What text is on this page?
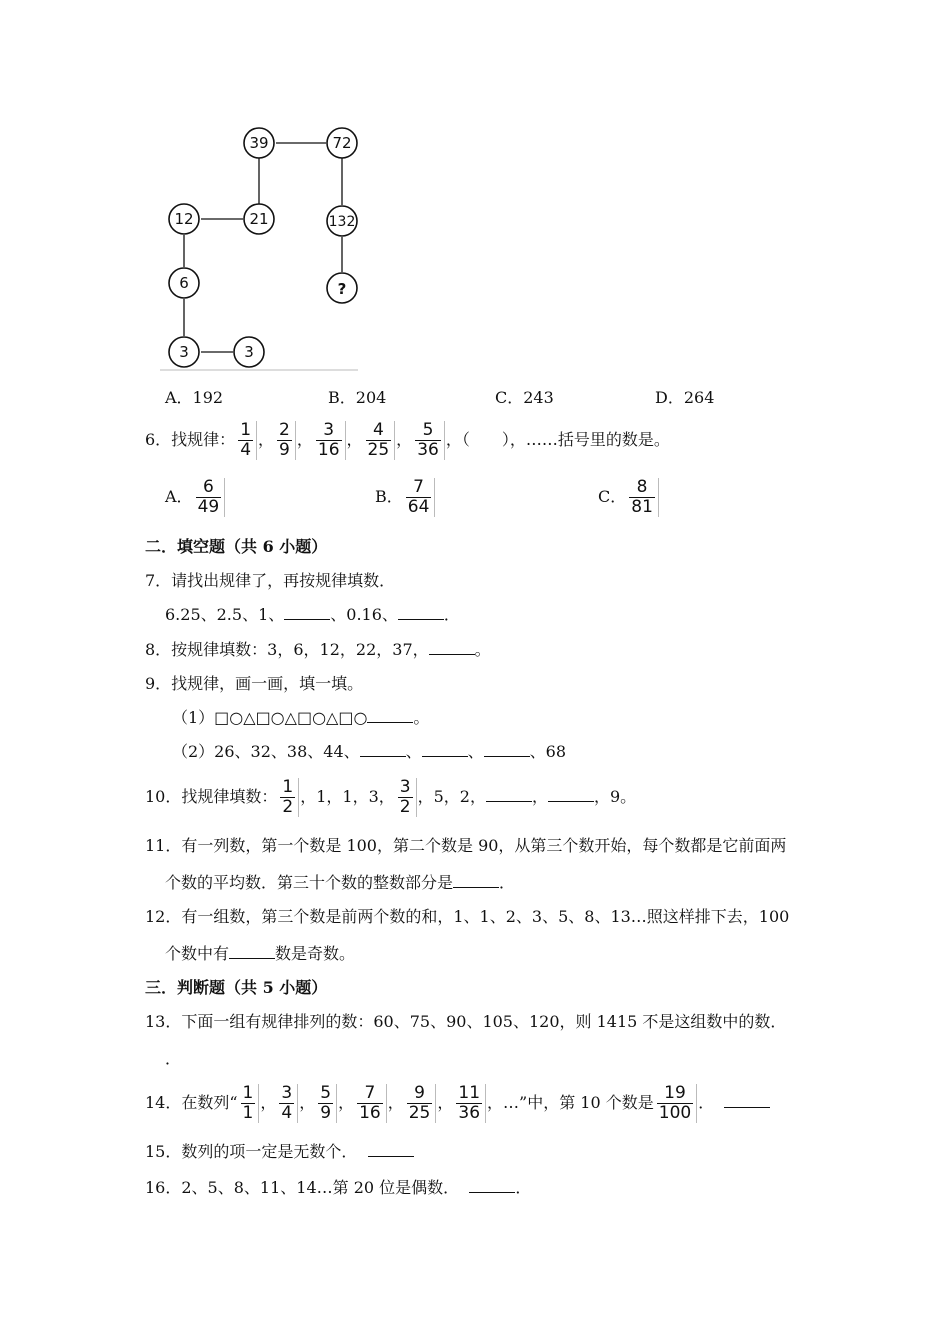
39	72
12	21	132
6	?
3	3
A．192	B．204	C．243	D．264
6．找规律： $\frac{1}{4}$ ， $\frac{2}{9}$ ， $\frac{3}{16}$ ， $\frac{4}{25}$ ， $\frac{5}{36}$ ，（　　），……括号里的数是。
A． $\frac{6}{49}$	B． $\frac{7}{64}$	C． $\frac{8}{81}$
二．填空题（共 6 小题）
7．请找出规律了，再按规律填数．
6.25、2.5、1、	、0.16、	．
8．按规律填数：3，6，12，22，37，	。
9．找规律，画一画，填一填。
（1）□○△□○△□○△□○	。
（2）26、32、38、44、	、	、	、68
10．找规律填数： $\frac{1}{2}$ ，1，1，3， $\frac{3}{2}$ ，5，2，	，	，9。
11．有一列数，第一个数是 100，第二个数是 90，从第三个数开始，每个数都是它前面两
个数的平均数．第三十个数的整数部分是	．
12．有一组数，第三个数是前两个数的和，1、1、2、3、5、8、13…照这样排下去，100
个数中有	数是奇数。
三．判断题（共 5 小题）
13．下面一组有规律排列的数：60、75、90、105、120，则 1415 不是这组数中的数．
．
14．在数列“ $\frac{1}{1}$ ， $\frac{3}{4}$ ， $\frac{5}{9}$ ， $\frac{7}{16}$ ， $\frac{9}{25}$ ， $\frac{11}{36}$ ，…”中，第 10 个数是 $\frac{19}{100}$ ．
15．数列的项一定是无数个．
16．2、5、8、11、14…第 20 位是偶数．	．
